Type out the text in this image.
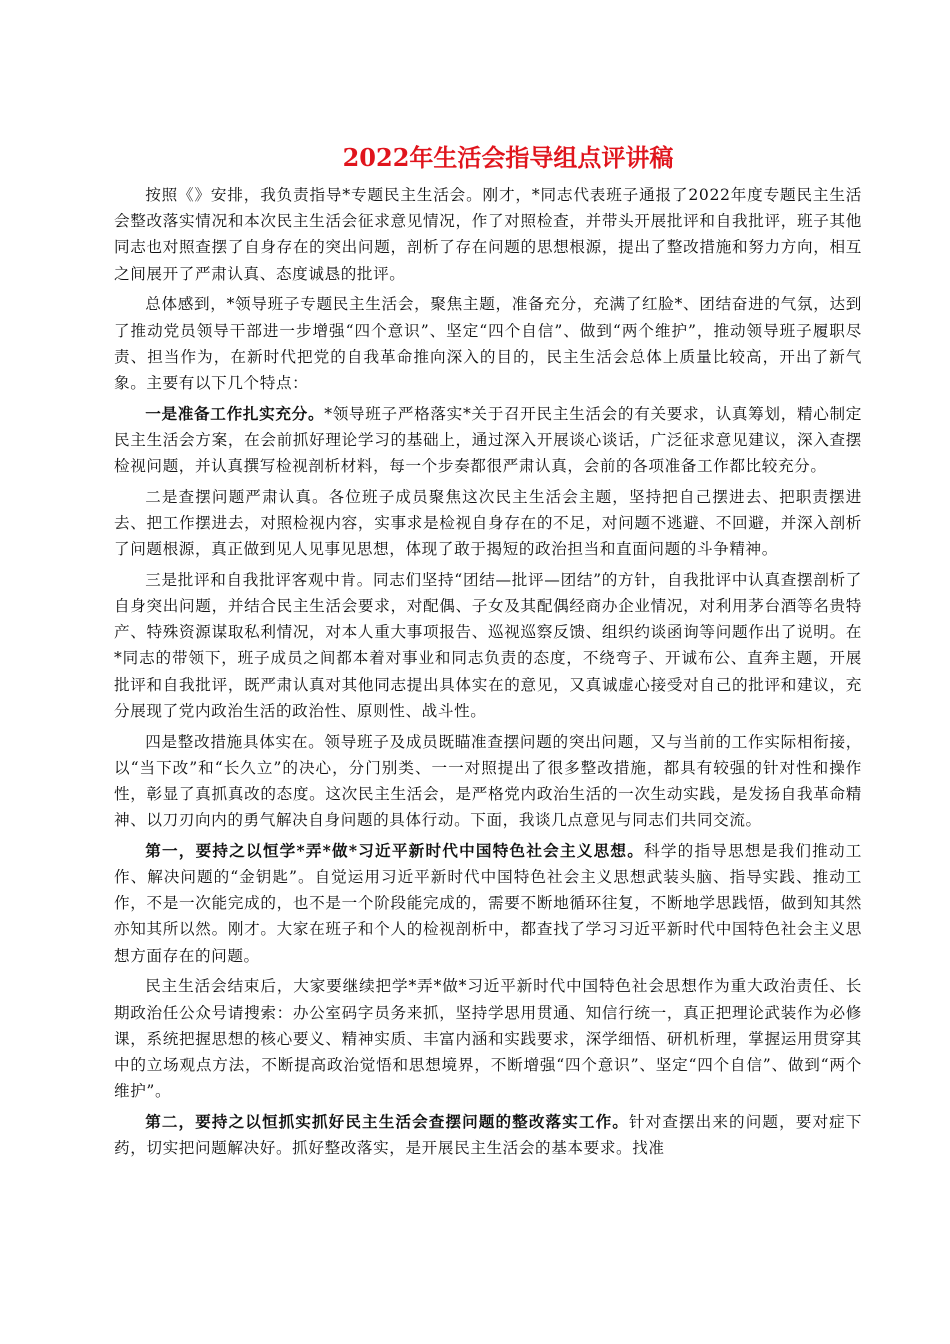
2022年生活会指导组点评讲稿

按照《》安排，我负责指导*专题民主生活会。刚才，*同志代表班子通报了2022年度专题民主生活会整改落实情况和本次民主生活会征求意见情况，作了对照检查，并带头开展批评和自我批评，班子其他同志也对照查摆了自身存在的突出问题，剖析了存在问题的思想根源，提出了整改措施和努力方向，相互之间展开了严肃认真、态度诚恳的批评。

总体感到，*领导班子专题民主生活会，聚焦主题，准备充分，充满了红脸*、团结奋进的气氛，达到了推动党员领导干部进一步增强“四个意识”、坚定“四个自信”、做到“两个维护”，推动领导班子履职尽责、担当作为，在新时代把党的自我革命推向深入的目的，民主生活会总体上质量比较高，开出了新气象。主要有以下几个特点：

一是准备工作扎实充分。*领导班子严格落实*关于召开民主生活会的有关要求，认真筹划，精心制定民主生活会方案，在会前抓好理论学习的基础上，通过深入开展谈心谈话，广泛征求意见建议，深入查摆检视问题，并认真撰写检视剖析材料，每一个步奏都很严肃认真，会前的各项准备工作都比较充分。

二是查摆问题严肃认真。各位班子成员聚焦这次民主生活会主题，坚持把自己摆进去、把职责摆进去、把工作摆进去，对照检视内容，实事求是检视自身存在的不足，对问题不逃避、不回避，并深入剖析了问题根源，真正做到见人见事见思想，体现了敢于揭短的政治担当和直面问题的斗争精神。

三是批评和自我批评客观中肯。同志们坚持“团结—批评—团结”的方针，自我批评中认真查摆剖析了自身突出问题，并结合民主生活会要求，对配偶、子女及其配偶经商办企业情况，对利用茅台酒等名贵特产、特殊资源谋取私利情况，对本人重大事项报告、巡视巡察反馈、组织约谈函询等问题作出了说明。在*同志的带领下，班子成员之间都本着对事业和同志负责的态度，不绕弯子、开诚布公、直奔主题，开展批评和自我批评，既严肃认真对其他同志提出具体实在的意见，又真诚虚心接受对自己的批评和建议，充分展现了党内政治生活的政治性、原则性、战斗性。

四是整改措施具体实在。领导班子及成员既瞄准查摆问题的突出问题，又与当前的工作实际相衔接，以“当下改”和“长久立”的决心，分门别类、一一对照提出了很多整改措施，都具有较强的针对性和操作性，彰显了真抓真改的态度。这次民主生活会，是严格党内政治生活的一次生动实践，是发扬自我革命精神、以刀刃向内的勇气解决自身问题的具体行动。下面，我谈几点意见与同志们共同交流。

第一，要持之以恒学*弄*做*习近平新时代中国特色社会主义思想。科学的指导思想是我们推动工作、解决问题的“金钥匙”。自觉运用习近平新时代中国特色社会主义思想武装头脑、指导实践、推动工作，不是一次能完成的，也不是一个阶段能完成的，需要不断地循环往复，不断地学思践悟，做到知其然亦知其所以然。刚才。大家在班子和个人的检视剖析中，都查找了学习习近平新时代中国特色社会主义思想方面存在的问题。

民主生活会结束后，大家要继续把学*弄*做*习近平新时代中国特色社会思想作为重大政治责任、长期政治任公众号请搜索：办公室码字员务来抓，坚持学思用贯通、知信行统一，真正把理论武装作为必修课，系统把握思想的核心要义、精神实质、丰富内涵和实践要求，深学细悟、研机析理，掌握运用贯穿其中的立场观点方法，不断提高政治觉悟和思想境界，不断增强“四个意识”、坚定“四个自信”、做到“两个维护”。

第二，要持之以恒抓实抓好民主生活会查摆问题的整改落实工作。针对查摆出来的问题，要对症下药，切实把问题解决好。抓好整改落实，是开展民主生活会的基本要求。找准
